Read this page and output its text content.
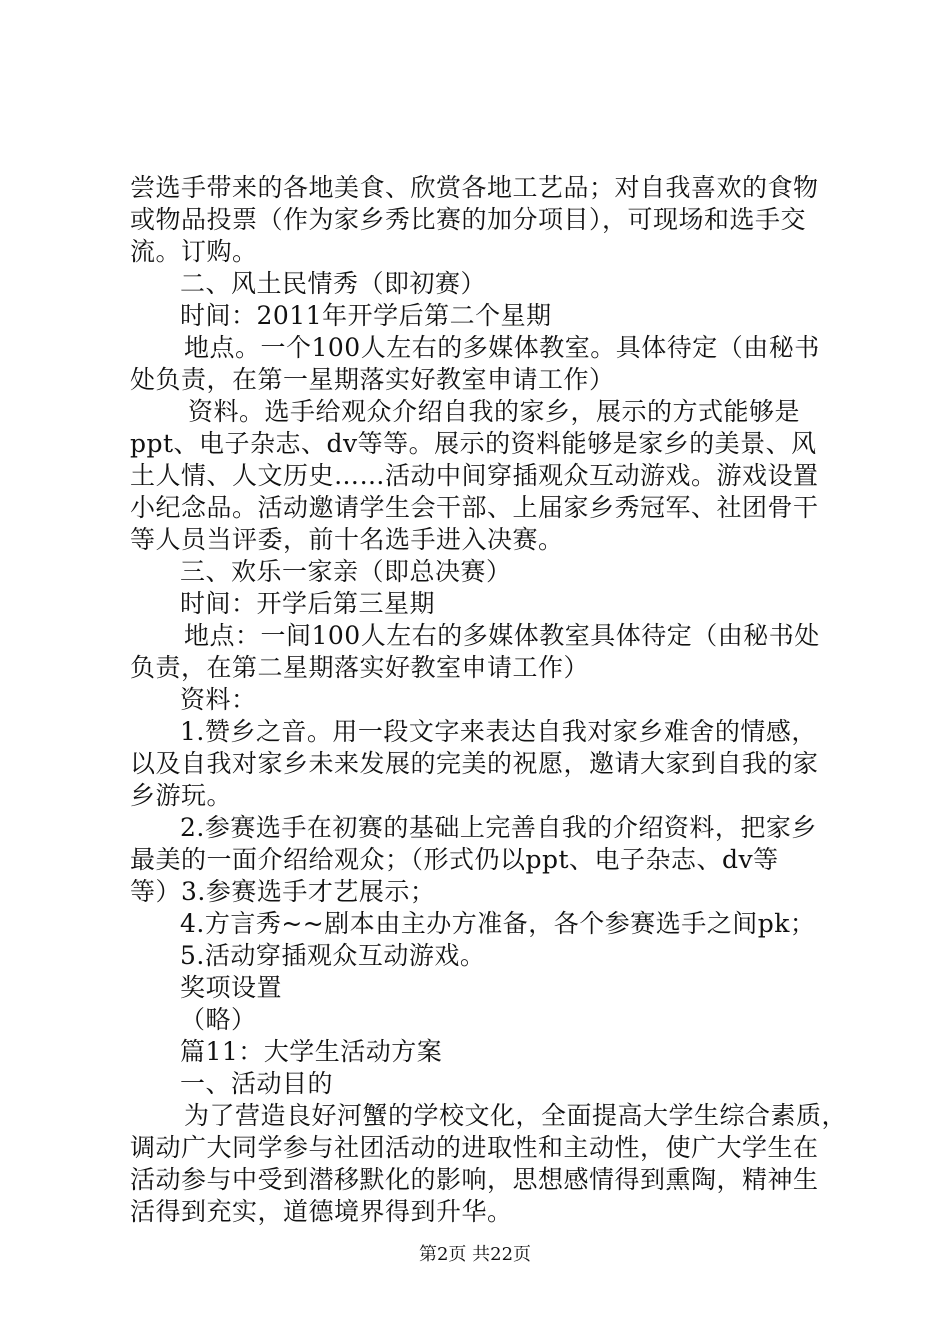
尝选手带来的各地美食、欣赏各地工艺品；对自我喜欢的食物
或物品投票（作为家乡秀比赛的加分项目），可现场和选手交
流。订购。
二、风土民情秀（即初赛）
时间：2011年开学后第二个星期
地点。一个100人左右的多媒体教室。具体待定（由秘书
处负责，在第一星期落实好教室申请工作）
资料。选手给观众介绍自我的家乡，展示的方式能够是
ppt、电子杂志、dv等等。展示的资料能够是家乡的美景、风
土人情、人文历史……活动中间穿插观众互动游戏。游戏设置
小纪念品。活动邀请学生会干部、上届家乡秀冠军、社团骨干
等人员当评委，前十名选手进入决赛。
三、欢乐一家亲（即总决赛）
时间：开学后第三星期
地点：一间100人左右的多媒体教室具体待定（由秘书处
负责，在第二星期落实好教室申请工作）
资料：
1.赞乡之音。用一段文字来表达自我对家乡难舍的情感，
以及自我对家乡未来发展的完美的祝愿，邀请大家到自我的家
乡游玩。
2.参赛选手在初赛的基础上完善自我的介绍资料，把家乡
最美的一面介绍给观众；（形式仍以ppt、电子杂志、dv等
等）3.参赛选手才艺展示；
4.方言秀~~剧本由主办方准备，各个参赛选手之间pk；
5.活动穿插观众互动游戏。
奖项设置
（略）
篇11：大学生活动方案
一、活动目的
为了营造良好河蟹的学校文化，全面提高大学生综合素质，
调动广大同学参与社团活动的进取性和主动性，使广大学生在
活动参与中受到潜移默化的影响，思想感情得到熏陶，精神生
活得到充实，道德境界得到升华。
第2页 共22页
